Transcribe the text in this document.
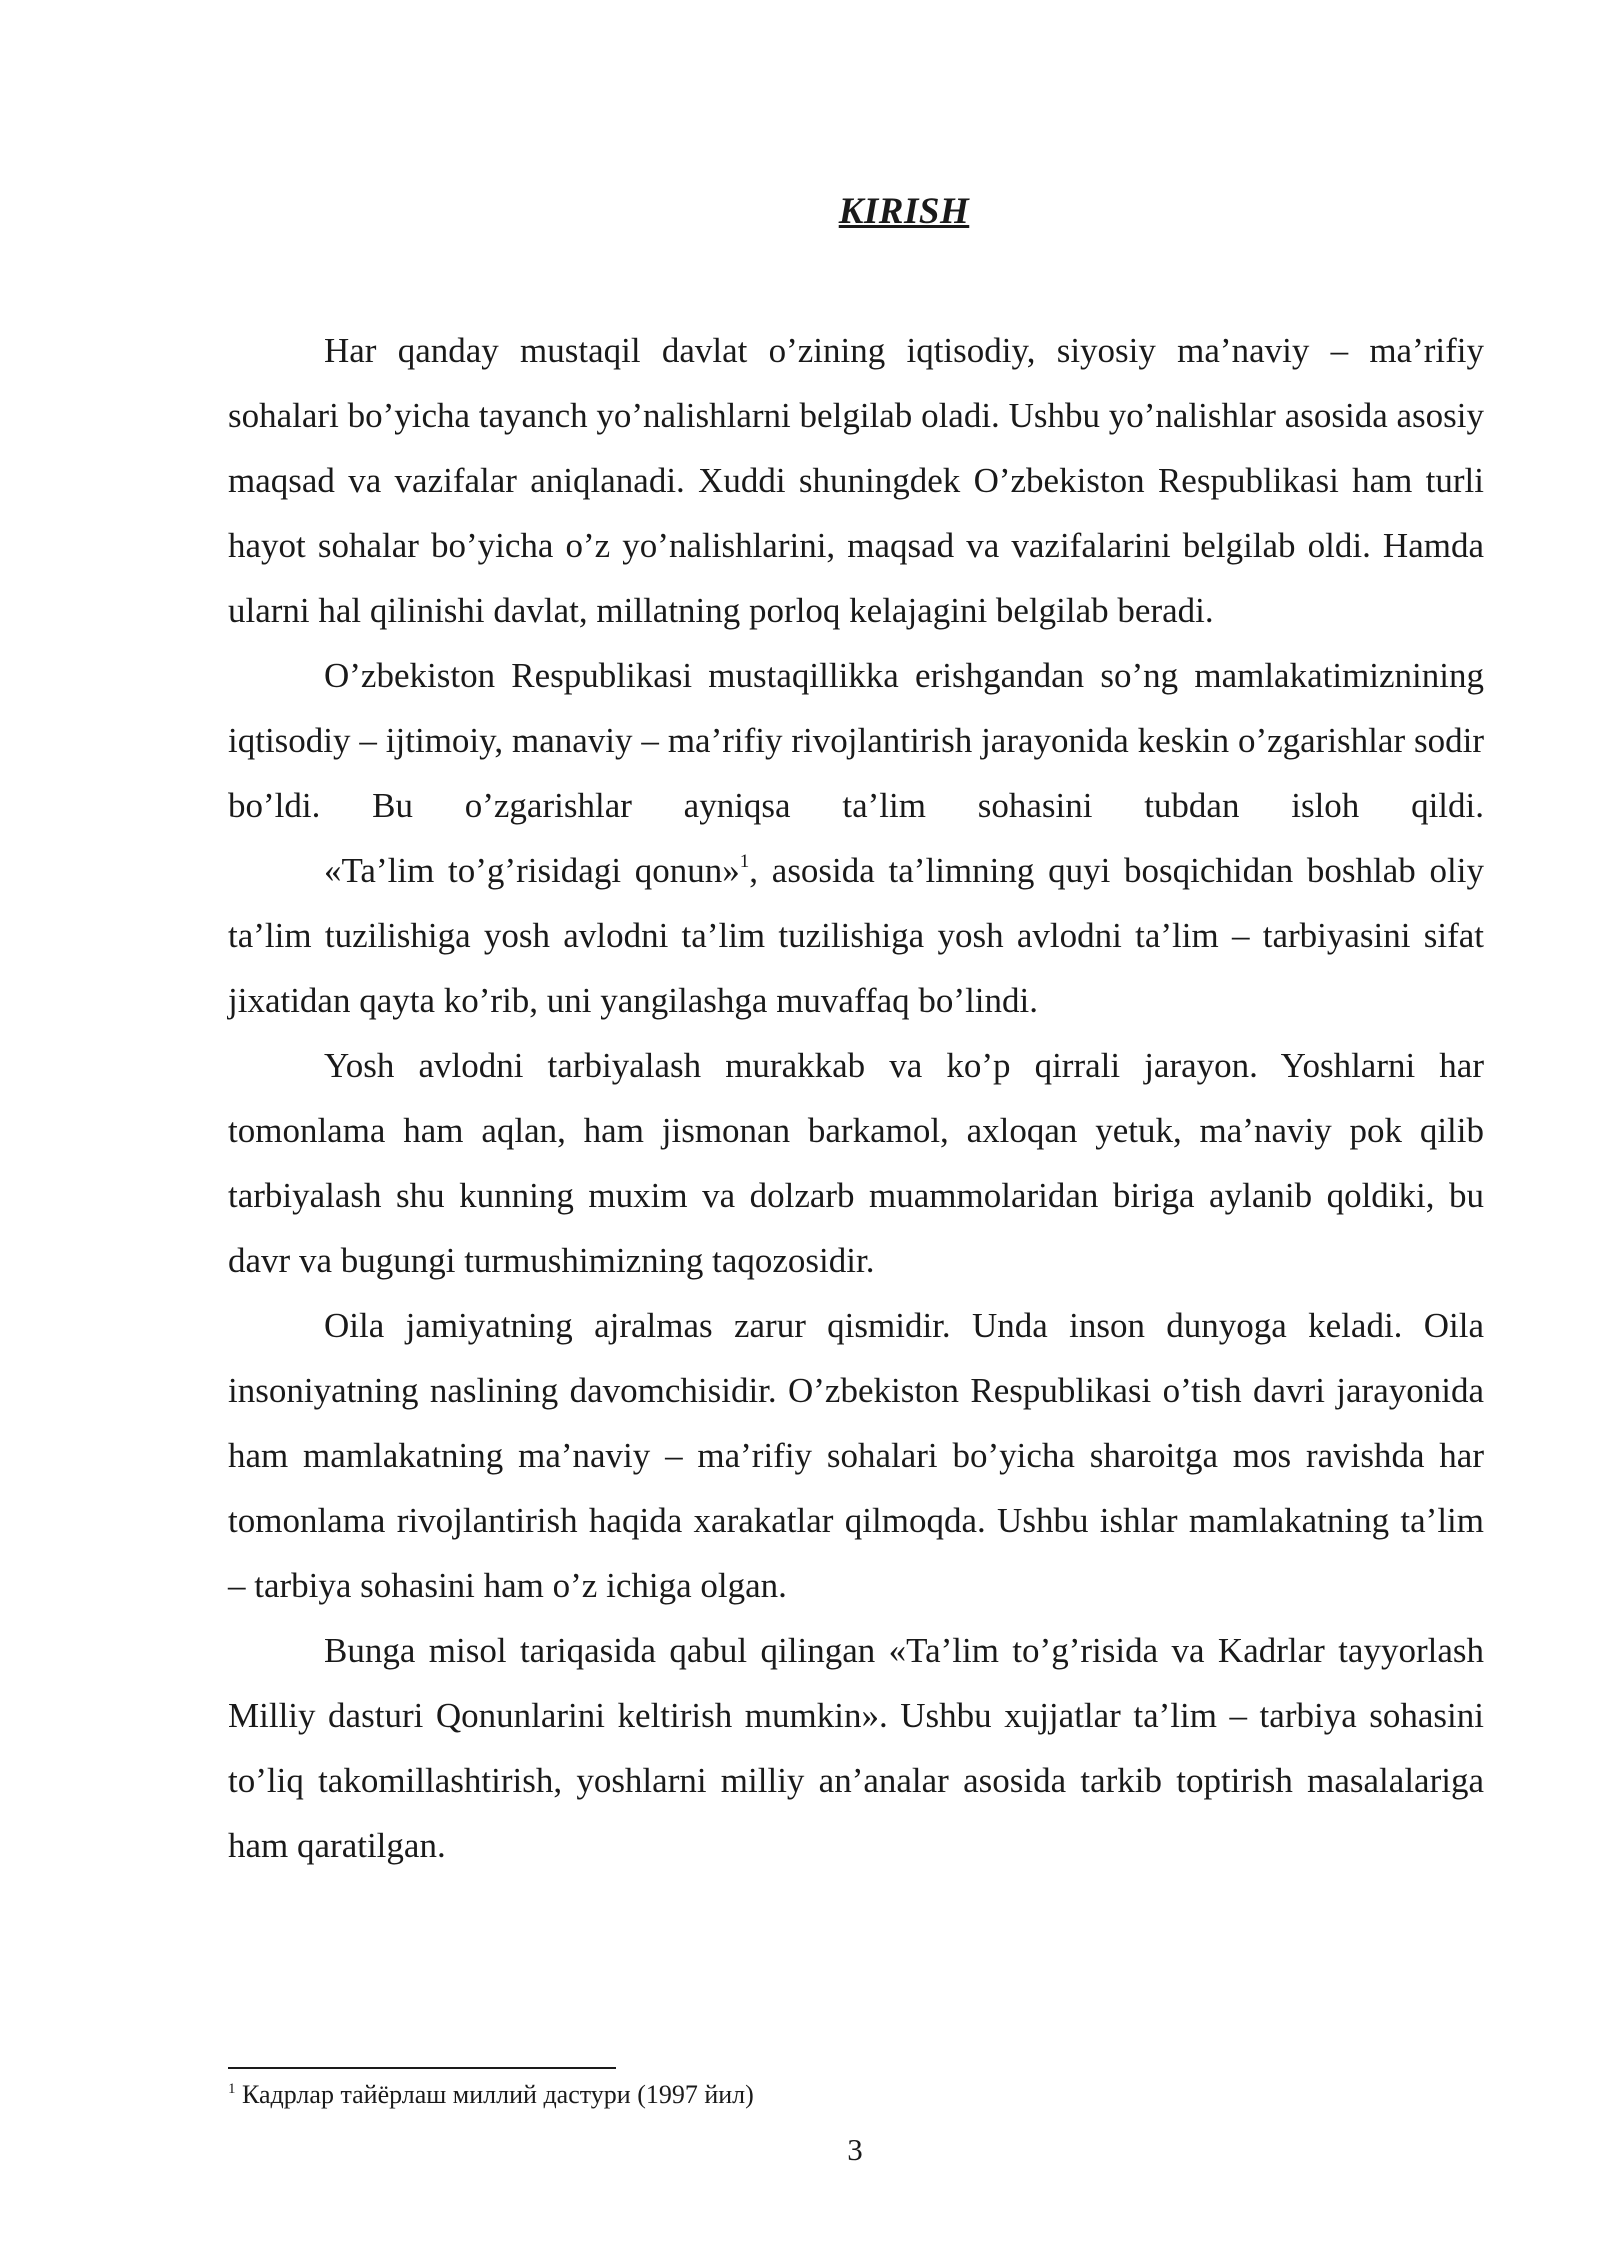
KIRISH

Har qanday mustaqil davlat o’zining iqtisodiy, siyosiy ma’naviy – ma’rifiy sohalari bo’yicha tayanch yo’nalishlarni belgilab oladi. Ushbu yo’nalishlar asosida asosiy maqsad va vazifalar aniqlanadi. Xuddi shuningdek O’zbekiston Respublikasi ham turli hayot sohalar bo’yicha o’z yo’nalishlarini, maqsad va vazifalarini belgilab oldi. Hamda ularni hal qilinishi davlat, millatning porloq kelajagini belgilab beradi.

O’zbekiston Respublikasi mustaqillikka erishgandan so’ng mamlakatimiznining iqtisodiy – ijtimoiy, manaviy – ma’rifiy rivojlantirish jarayonida keskin o’zgarishlar sodir bo’ldi. Bu o’zgarishlar ayniqsa ta’lim sohasini tubdan isloh qildi.

«Ta’lim to’g’risidagi qonun»$^1$, asosida ta’limning quyi bosqichidan boshlab oliy ta’lim tuzilishiga yosh avlodni ta’lim tuzilishiga yosh avlodni ta’lim – tarbiyasini sifat jixatidan qayta ko’rib, uni yangilashga muvaffaq bo’lindi.

Yosh avlodni tarbiyalash murakkab va ko’p qirrali jarayon. Yoshlarni har tomonlama ham aqlan, ham jismonan barkamol, axloqan yetuk, ma’naviy pok qilib tarbiyalash shu kunning muxim va dolzarb muammolaridan biriga aylanib qoldiki, bu davr va bugungi turmushimizning taqozosidir.

Oila jamiyatning ajralmas zarur qismidir. Unda inson dunyoga keladi. Oila insoniyatning naslining davomchisidir. O’zbekiston Respublikasi o’tish davri jarayonida ham mamlakatning ma’naviy – ma’rifiy sohalari bo’yicha sharoitga mos ravishda har tomonlama rivojlantirish haqida xarakatlar qilmoqda. Ushbu ishlar mamlakatning ta’lim – tarbiya sohasini ham o’z ichiga olgan.

Bunga misol tariqasida qabul qilingan «Ta’lim to’g’risida va Kadrlar tayyorlash Milliy dasturi Qonunlarini keltirish mumkin». Ushbu xujjatlar ta’lim – tarbiya sohasini to’liq takomillashtirish, yoshlarni milliy an’analar asosida tarkib toptirish masalalariga ham qaratilgan.

$^1$ Кадрлар тайёрлаш миллий дастури (1997 йил)

3
